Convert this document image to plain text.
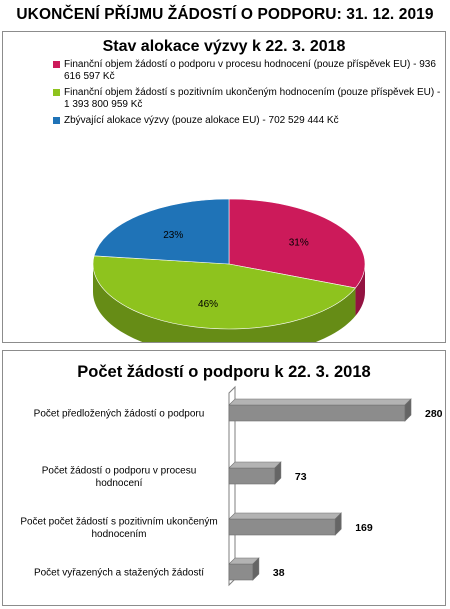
UKONČENÍ PŘÍJMU ŽÁDOSTÍ O PODPORU: 31. 12. 2019
Stav alokace výzvy k 22. 3. 2018
Finanční objem žádostí o podporu v procesu hodnocení (pouze příspěvek EU) - 936 616 597 Kč
Finanční objem žádostí s pozitivním ukončeným hodnocením (pouze příspěvek EU) - 1 393 800 959 Kč
Zbývající alokace výzvy (pouze alokace EU) - 702 529 444 Kč
31%
46%
23%
Počet žádostí o podporu k 22. 3. 2018
280
Počet předložených žádostí o podporu
73
Počet žádostí o podporu v procesu hodnocení
169
Počet počet žádostí s pozitivním ukončeným hodnocením
38
Počet vyřazených a stažených žádostí
